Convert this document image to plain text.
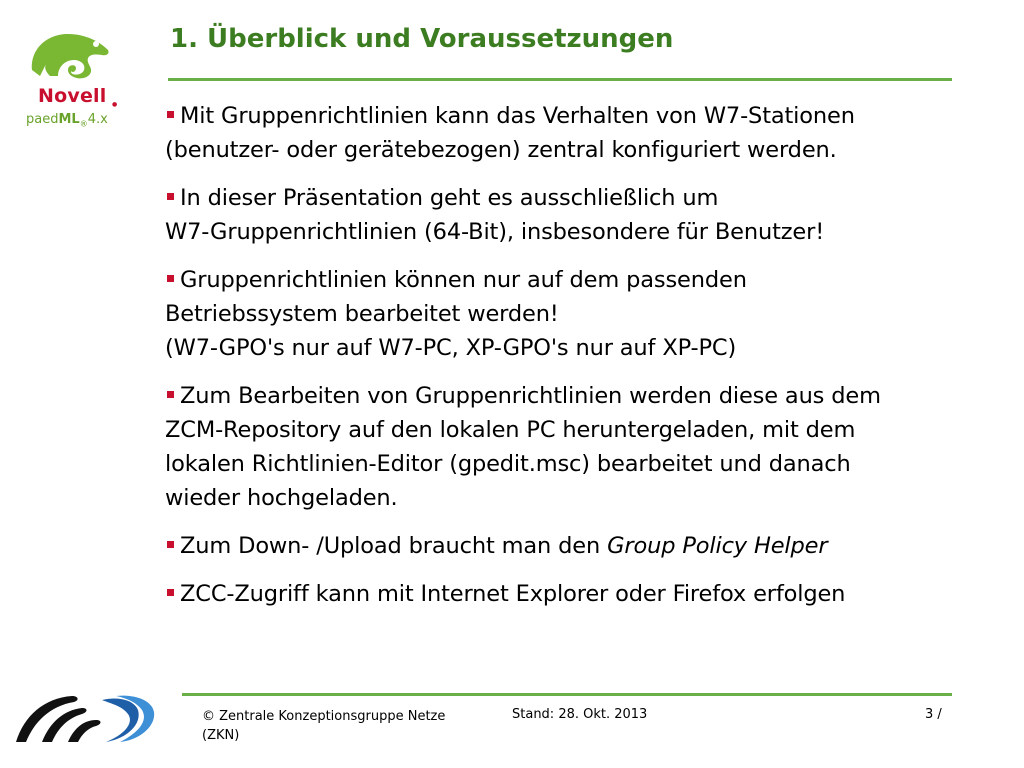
Novell ●
paedML$_®$4.x
1. Überblick und Voraussetzungen
Mit Gruppenrichtlinien kann das Verhalten von W7-Stationen
(benutzer- oder gerätebezogen) zentral konfiguriert werden.
In dieser Präsentation geht es ausschließlich um
W7-Gruppenrichtlinien (64-Bit), insbesondere für Benutzer!
Gruppenrichtlinien können nur auf dem passenden
Betriebssystem bearbeitet werden!
(W7-GPO's nur auf W7-PC, XP-GPO's nur auf XP-PC)
Zum Bearbeiten von Gruppenrichtlinien werden diese aus dem
ZCM-Repository auf den lokalen PC heruntergeladen, mit dem
lokalen Richtlinien-Editor (gpedit.msc) bearbeitet und danach
wieder hochgeladen.
Zum Down- /Upload braucht man den Group Policy Helper
ZCC-Zugriff kann mit Internet Explorer oder Firefox erfolgen
© Zentrale Konzeptionsgruppe Netze (ZKN)
Stand: 28. Okt. 2013	3 /
